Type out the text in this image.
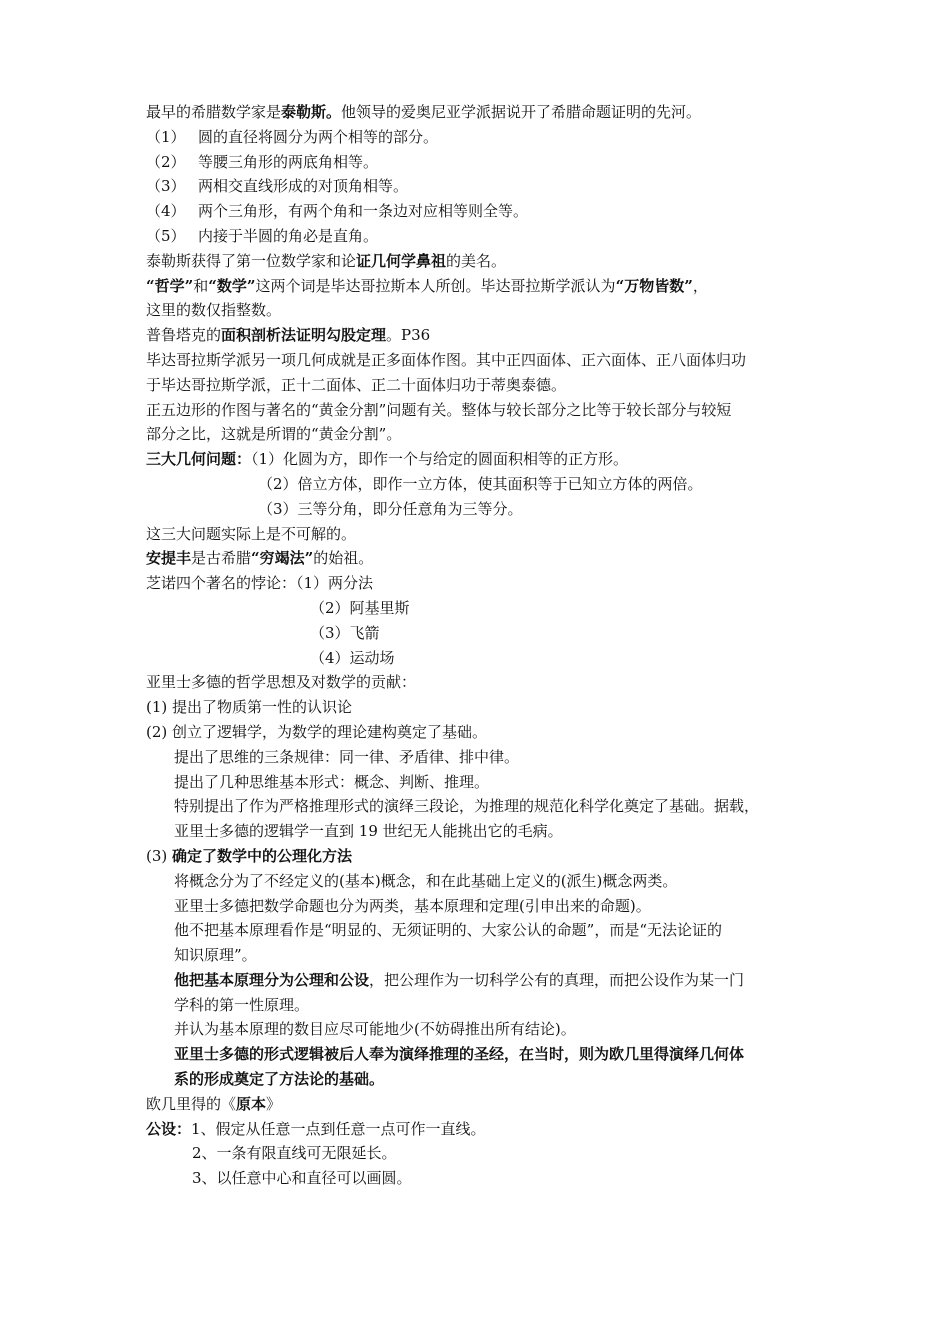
最早的希腊数学家是泰勒斯。他领导的爱奥尼亚学派据说开了希腊命题证明的先河。
（1） 圆的直径将圆分为两个相等的部分。
（2） 等腰三角形的两底角相等。
（3） 两相交直线形成的对顶角相等。
（4） 两个三角形，有两个角和一条边对应相等则全等。
（5） 内接于半圆的角必是直角。
泰勒斯获得了第一位数学家和论证几何学鼻祖的美名。
“哲学”和“数学”这两个词是毕达哥拉斯本人所创。毕达哥拉斯学派认为“万物皆数”，
这里的数仅指整数。
普鲁塔克的面积剖析法证明勾股定理。P36
毕达哥拉斯学派另一项几何成就是正多面体作图。其中正四面体、正六面体、正八面体归功
于毕达哥拉斯学派，正十二面体、正二十面体归功于蒂奥泰德。
正五边形的作图与著名的“黄金分割”问题有关。整体与较长部分之比等于较长部分与较短
部分之比，这就是所谓的“黄金分割”。
三大几何问题：（1）化圆为方，即作一个与给定的圆面积相等的正方形。
（2）倍立方体，即作一立方体，使其面积等于已知立方体的两倍。
（3）三等分角，即分任意角为三等分。
这三大问题实际上是不可解的。
安提丰是古希腊“穷竭法”的始祖。
芝诺四个著名的悖论：（1）两分法
（2）阿基里斯
（3）飞箭
（4）运动场
亚里士多德的哲学思想及对数学的贡献：
(1) 提出了物质第一性的认识论
(2) 创立了逻辑学，为数学的理论建构奠定了基础。
提出了思维的三条规律：同一律、矛盾律、排中律。
提出了几种思维基本形式：概念、判断、推理。
特别提出了作为严格推理形式的演绎三段论，为推理的规范化科学化奠定了基础。据载，
亚里士多德的逻辑学一直到 19 世纪无人能挑出它的毛病。
(3) 确定了数学中的公理化方法
将概念分为了不经定义的(基本)概念，和在此基础上定义的(派生)概念两类。
亚里士多德把数学命题也分为两类，基本原理和定理(引申出来的命题)。
他不把基本原理看作是“明显的、无须证明的、大家公认的命题”，而是“无法论证的
知识原理”。
他把基本原理分为公理和公设，把公理作为一切科学公有的真理，而把公设作为某一门
学科的第一性原理。
并认为基本原理的数目应尽可能地少(不妨碍推出所有结论)。
亚里士多德的形式逻辑被后人奉为演绎推理的圣经，在当时，则为欧几里得演绎几何体
系的形成奠定了方法论的基础。
欧几里得的《原本》
公设：1、假定从任意一点到任意一点可作一直线。
2、一条有限直线可无限延长。
3、以任意中心和直径可以画圆。
